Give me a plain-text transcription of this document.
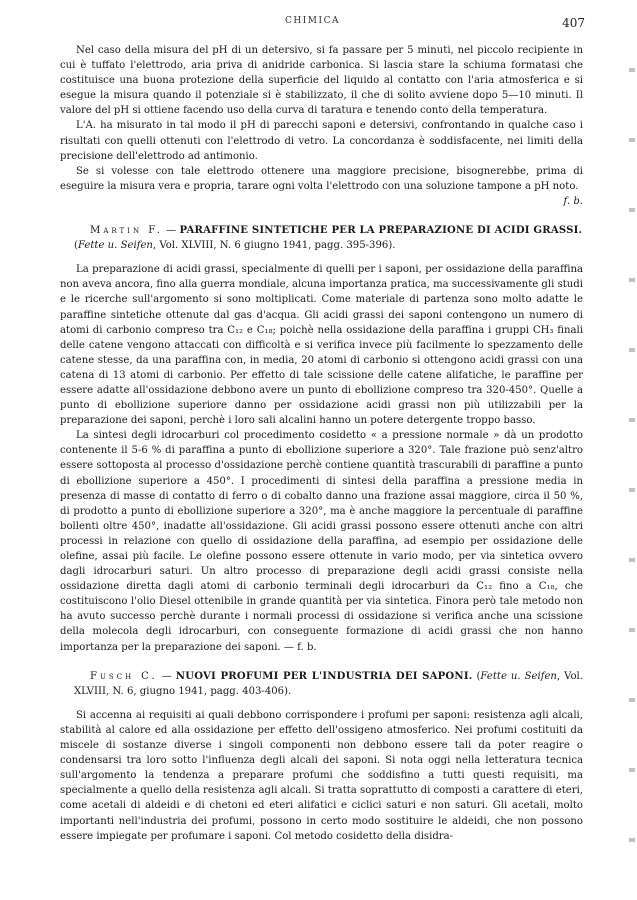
CHIMICA	407

Nel caso della misura del pH di un detersivo, si fa passare per 5 minuti, nel piccolo recipiente in cui è tuffato l'elettrodo, aria priva di anidride carbonica. Si lascia stare la schiuma formatasi che costituisce una buona protezione della superficie del liquido al contatto con l'aria atmosferica e si esegue la misura quando il potenziale si è stabilizzato, il che di solito avviene dopo 5—10 minuti. Il valore del pH si ottiene facendo uso della curva di taratura e tenendo conto della temperatura.

L'A. ha misurato in tal modo il pH di parecchi saponi e detersivi, confrontando in qualche caso i risultati con quelli ottenuti con l'elettrodo di vetro. La concordanza è soddisfacente, nei limiti della precisione dell'elettrodo ad antimonio.

Se si volesse con tale elettrodo ottenere una maggiore precisione, bisognerebbe, prima di eseguire la misura vera e propria, tarare ogni volta l'elettrodo con una soluzione tampone a pH noto.

f. b.

Martin F. — PARAFFINE SINTETICHE PER LA PREPARAZIONE DI ACIDI GRASSI.
(Fette u. Seifen, Vol. XLVIII, N. 6 giugno 1941, pagg. 395-396).

La preparazione di acidi grassi, specialmente di quelli per i saponi, per ossidazione della paraffina non aveva ancora, fino alla guerra mondiale, alcuna importanza pratica, ma successivamente gli studi e le ricerche sull'argomento si sono moltiplicati. Come materiale di partenza sono molto adatte le paraffine sintetiche ottenute dal gas d'acqua. Gli acidi grassi dei saponi contengono un numero di atomi di carbonio compreso tra C₁₂ e C₁₈; poichè nella ossidazione della paraffina i gruppi CH₃ finali delle catene vengono attaccati con difficoltà e si verifica invece più facilmente lo spezzamento delle catene stesse, da una paraffina con, in media, 20 atomi di carbonio si ottengono acidi grassi con una catena di 13 atomi di carbonio. Per effetto di tale scissione delle catene alifatiche, le paraffine per essere adatte all'ossidazione debbono avere un punto di ebollizione compreso tra 320-450°. Quelle a punto di ebollizione superiore danno per ossidazione acidi grassi non più utilizzabili per la preparazione dei saponi, perchè i loro sali alcalini hanno un potere detergente troppo basso.

La sintesi degli idrocarburi col procedimento cosidetto « a pressione normale » dà un prodotto contenente il 5-6 % di paraffina a punto di ebollizione superiore a 320°. Tale frazione può senz'altro essere sottoposta al processo d'ossidazione perchè contiene quantità trascurabili di paraffine a punto di ebollizione superiore a 450°. I procedimenti di sintesi della paraffina a pressione media in presenza di masse di contatto di ferro o di cobalto danno una frazione assai maggiore, circa il 50 %, di prodotto a punto di ebollizione superiore a 320°, ma è anche maggiore la percentuale di paraffine bollenti oltre 450°, inadatte all'ossidazione. Gli acidi grassi possono essere ottenuti anche con altri processi in relazione con quello di ossidazione della paraffina, ad esempio per ossidazione delle olefine, assai più facile. Le olefine possono essere ottenute in vario modo, per via sintetica ovvero dagli idrocarburi saturi. Un altro processo di preparazione degli acidi grassi consiste nella ossidazione diretta dagli atomi di carbonio terminali degli idrocarburi da C₁₂ fino a C₁₈, che costituiscono l'olio Diesel ottenibile in grande quantità per via sintetica. Finora però tale metodo non ha avuto successo perchè durante i normali processi di ossidazione si verifica anche una scissione della molecola degli idrocarburi, con conseguente formazione di acidi grassi che non hanno importanza per la preparazione dei saponi. — f. b.

Fusch C. — NUOVI PROFUMI PER L'INDUSTRIA DEI SAPONI. (Fette u. Seifen, Vol. XLVIII, N. 6, giugno 1941, pagg. 403-406).

Si accenna ai requisiti ai quali debbono corrispondere i profumi per saponi: resistenza agli alcali, stabilità al calore ed alla ossidazione per effetto dell'ossigeno atmosferico. Nei profumi costituiti da miscele di sostanze diverse i singoli componenti non debbono essere tali da poter reagire o condensarsi tra loro sotto l'influenza degli alcali dei saponi. Si nota oggi nella letteratura tecnica sull'argomento la tendenza a preparare profumi che soddisfino a tutti questi requisiti, ma specialmente a quello della resistenza agli alcali. Si tratta soprattutto di composti a carattere di eteri, come acetali di aldeidi e di chetoni ed eteri alifatici e ciclici saturi e non saturi. Gli acetali, molto importanti nell'industria dei profumi, possono in certo modo sostituire le aldeidi, che non possono essere impiegate per profumare i saponi. Col metodo cosidetto della disidra-
